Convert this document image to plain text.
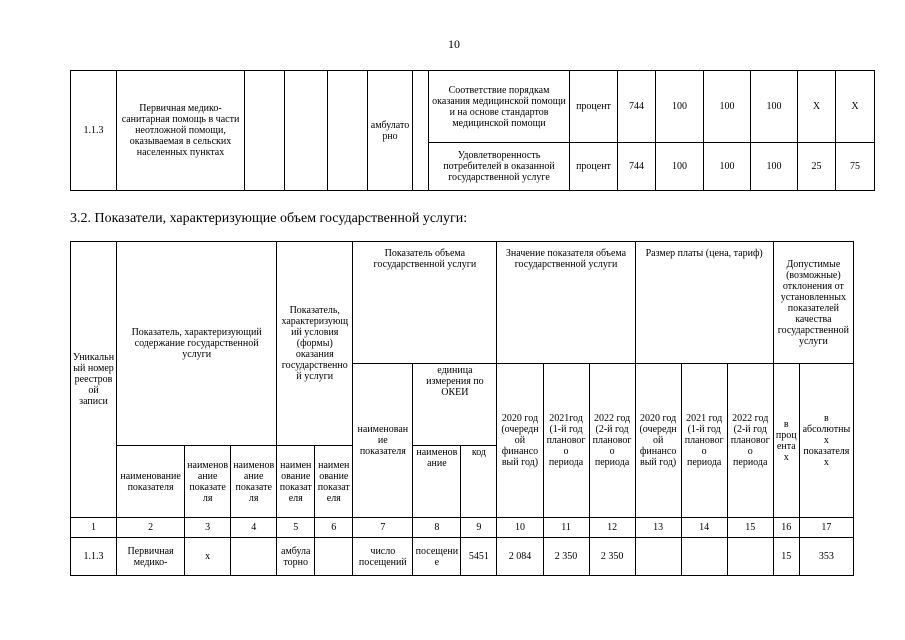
10
1.1.3	Первичная медико-санитарная помощь в части неотложной помощи, оказываемая в сельских населенных пунктах				амбулаторно		Соответствие порядкам оказания медицинской помощи и на основе стандартов медицинской помощи	процент	744	100	100	100	Х	Х
							Удовлетворенность потребителей в оказанной государственной услуге	процент	744	100	100	100	25	75
3.2. Показатели, характеризующие объем государственной услуги:
Уникальный номер реестровой записи	Показатель, характеризующий содержание государственной услуги			Показатель, характеризующий условия (формы) оказания государственной услуги		Показатель объема государственной услуги			Значение показателя объема государственной услуги			Размер платы (цена, тариф)			Допустимые (возможные) отклонения от установленных показателей качества государственной услуги	
						наименование показателя	единица измерения по ОКЕИ		2020 год (очередной финансовый год)	2021год (1-й год планового периода	2022 год (2-й год планового периода	2020 год (очередной финансовый год)	2021 год (1-й год планового периода	2022 год (2-й год планового периода	в процентах	в абсолютных показателях
	наименование показателя	наименование показателя	наименование показателя	наименование показателя	наименование показателя		наименование	код								
1	2	3	4	5	6	7	8	9	10	11	12	13	14	15	16	17
1.1.3	Первичная медико-	х		амбулаторно		число посещений	посещение	5451	2 084	2 350	2 350				15	353
